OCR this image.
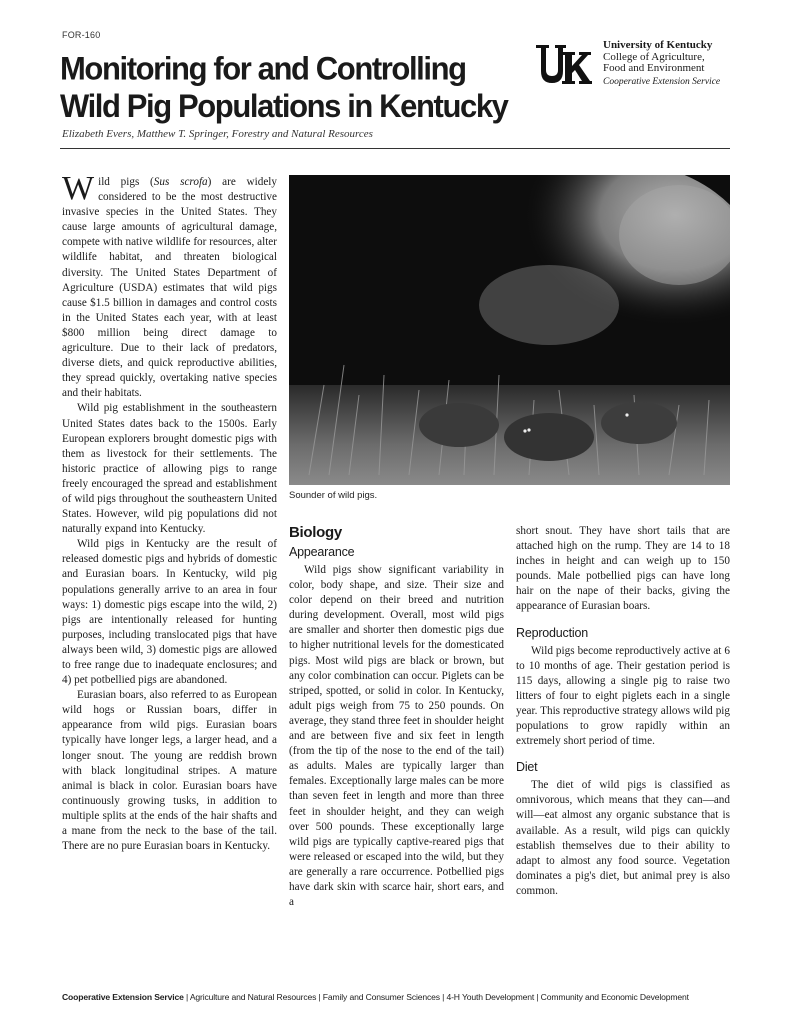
FOR-160
Monitoring for and Controlling
Wild Pig Populations in Kentucky
University of Kentucky
College of Agriculture,
Food and Environment
Cooperative Extension Service
Elizabeth Evers, Matthew T. Springer, Forestry and Natural Resources

Wild pigs (Sus scrofa) are widely considered to be the most destructive invasive species in the United States. They cause large amounts of agricultural damage, compete with native wildlife for resources, alter wildlife habitat, and threaten biological diversity. The United States Department of Agriculture (USDA) estimates that wild pigs cause $1.5 billion in damages and control costs in the United States each year, with at least $800 million being direct damage to agriculture. Due to their lack of predators, diverse diets, and quick reproductive abilities, they spread quickly, overtaking native species and their habitats.

Wild pig establishment in the southeastern United States dates back to the 1500s. Early European explorers brought domestic pigs with them as livestock for their settlements. The historic practice of allowing pigs to range freely encouraged the spread and establishment of wild pigs throughout the southeastern United States. However, wild pig populations did not naturally expand into Kentucky.

Wild pigs in Kentucky are the result of released domestic pigs and hybrids of domestic and Eurasian boars. In Kentucky, wild pig populations generally arrive to an area in four ways: 1) domestic pigs escape into the wild, 2) pigs are intentionally released for hunting purposes, including translocated pigs that have always been wild, 3) domestic pigs are allowed to free range due to inadequate enclosures; and 4) pet potbellied pigs are abandoned.

Eurasian boars, also referred to as European wild hogs or Russian boars, differ in appearance from wild pigs. Eurasian boars typically have longer legs, a larger head, and a longer snout. The young are reddish brown with black longitudinal stripes. A mature animal is black in color. Eurasian boars have continuously growing tusks, in addition to multiple splits at the ends of the hair shafts and a mane from the neck to the base of the tail. There are no pure Eurasian boars in Kentucky.

Sounder of wild pigs.
Biology
Appearance

Wild pigs show significant variability in color, body shape, and size. Their size and color depend on their breed and nutrition during development. Overall, most wild pigs are smaller and shorter then domestic pigs due to higher nutritional levels for the domesticated pigs. Most wild pigs are black or brown, but any color combination can occur. Piglets can be striped, spotted, or solid in color. In Kentucky, adult pigs weigh from 75 to 250 pounds. On average, they stand three feet in shoulder height and are between five and six feet in length (from the tip of the nose to the end of the tail) as adults. Males are typically larger than females. Exceptionally large males can be more than seven feet in length and more than three feet in shoulder height, and they can weigh over 500 pounds. These exceptionally large wild pigs are typically captive-reared pigs that were released or escaped into the wild, but they are generally a rare occurrence. Potbellied pigs have dark skin with scarce hair, short ears, and a

short snout. They have short tails that are attached high on the rump. They are 14 to 18 inches in height and can weigh up to 150 pounds. Male potbellied pigs can have long hair on the nape of their backs, giving the appearance of Eurasian boars.

Reproduction

Wild pigs become reproductively active at 6 to 10 months of age. Their gestation period is 115 days, allowing a single pig to raise two litters of four to eight piglets each in a single year. This reproductive strategy allows wild pig populations to grow rapidly within an extremely short period of time.

Diet

The diet of wild pigs is classified as omnivorous, which means that they can—and will—eat almost any organic substance that is available. As a result, wild pigs can quickly establish themselves due to their ability to adapt to almost any food source. Vegetation dominates a pig's diet, but animal prey is also common.

Cooperative Extension Service | Agriculture and Natural Resources | Family and Consumer Sciences | 4-H Youth Development | Community and Economic Development
